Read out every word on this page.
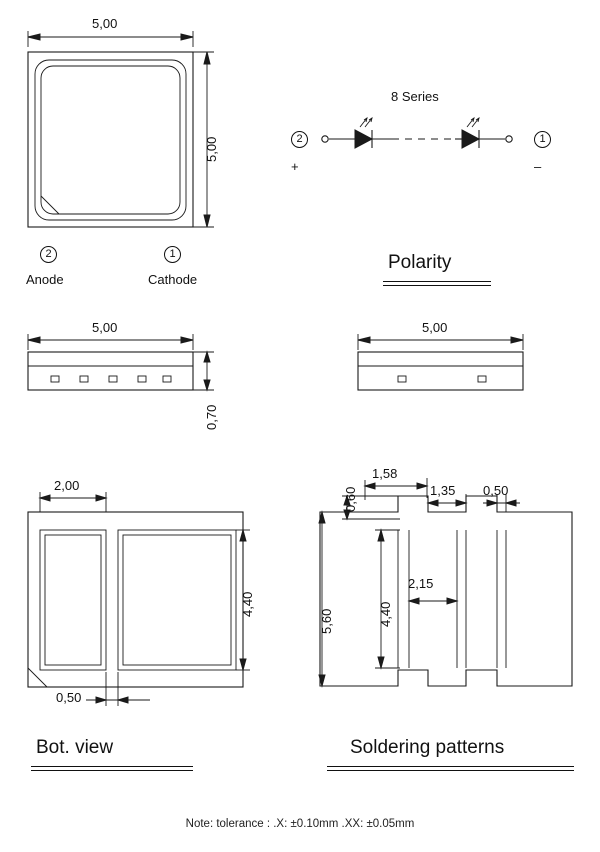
5,00
5,00
2
Anode
1
Cathode
8 Series
2
+
1
–
Polarity
5,00
0,70
5,00
2,00
4,40
0,50
Bot. view
0,60
1,58
1,35 0,50
5,60	4,40
2,15
Soldering patterns
Note: tolerance : .X: ±0.10mm .XX: ±0.05mm
